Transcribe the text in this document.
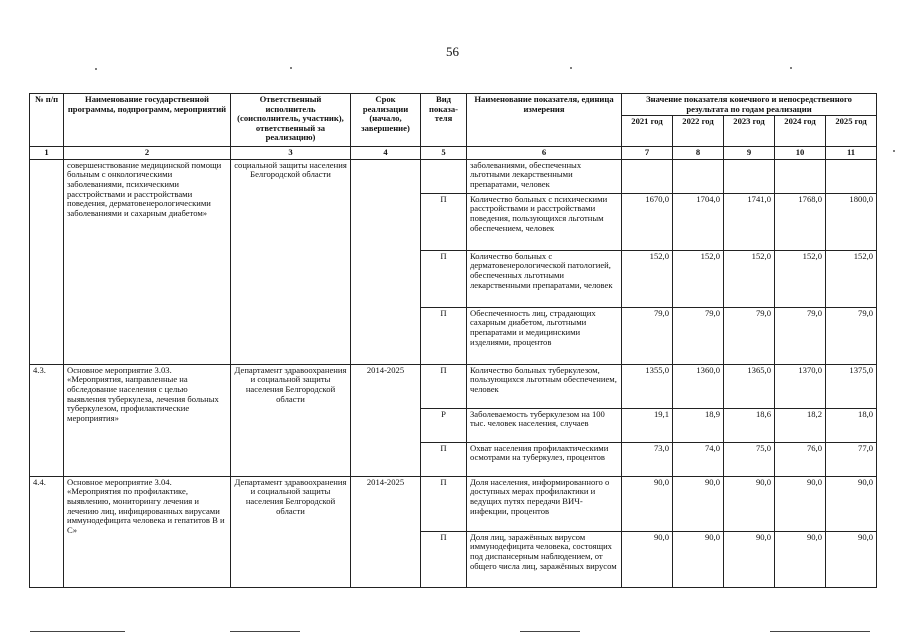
56
№ п/п	Наименование государственной программы, подпрограмм, мероприятий	Ответственный исполнитель (соисполнитель, участник), ответственный за реализацию)	Срок реализации (начало, завершение)	Вид показа-теля	Наименование показателя, единица измерения	Значение показателя конечного и непосредственного результата по годам реализации				
						2021 год	2022 год	2023 год	2024 год	2025 год
1	2	3	4	5	6	7	8	9	10	11
	совершенствование медицинской помощи больным с онкологическими заболеваниями, психическими расстройствами и расстройствами поведения, дерматовенерологическими заболеваниями и сахарным диабетом»	социальной защиты населения Белгородской области			заболеваниями, обеспеченных льготными лекарственными препаратами, человек					
				П	Количество больных с психическими расстройствами и расстройствами поведения, пользующихся льготным обеспечением, человек	1670,0	1704,0	1741,0	1768,0	1800,0
				П	Количество больных с дерматовенерологической патологией, обеспеченных льготными лекарственными препаратами, человек	152,0	152,0	152,0	152,0	152,0
				П	Обеспеченность лиц, страдающих сахарным диабетом, льготными препаратами и медицинскими изделиями, процентов	79,0	79,0	79,0	79,0	79,0
4.3.	Основное мероприятие 3.03. «Мероприятия, направленные на обследование населения с целью выявления туберкулеза, лечения больных туберкулезом, профилактические мероприятия»	Департамент здравоохранения и социальной защиты населения Белгородской области	2014-2025	П	Количество больных туберкулезом, пользующихся льготным обеспечением, человек	1355,0	1360,0	1365,0	1370,0	1375,0
				Р	Заболеваемость туберкулезом на 100 тыс. человек населения, случаев	19,1	18,9	18,6	18,2	18,0
				П	Охват населения профилактическими осмотрами на туберкулез, процентов	73,0	74,0	75,0	76,0	77,0
4.4.	Основное мероприятие 3.04. «Мероприятия по профилактике, выявлению, мониторингу лечения и лечению лиц, инфицированных вирусами иммунодефицита человека и гепатитов В и С»	Департамент здравоохранения и социальной защиты населения Белгородской области	2014-2025	П	Доля населения, информированного о доступных мерах профилактики и ведущих путях передачи ВИЧ-инфекции, процентов	90,0	90,0	90,0	90,0	90,0
				П	Доля лиц, заражённых вирусом иммунодефицита человека, состоящих под диспансерным наблюдением, от общего числа лиц, заражённых вирусом	90,0	90,0	90,0	90,0	90,0
